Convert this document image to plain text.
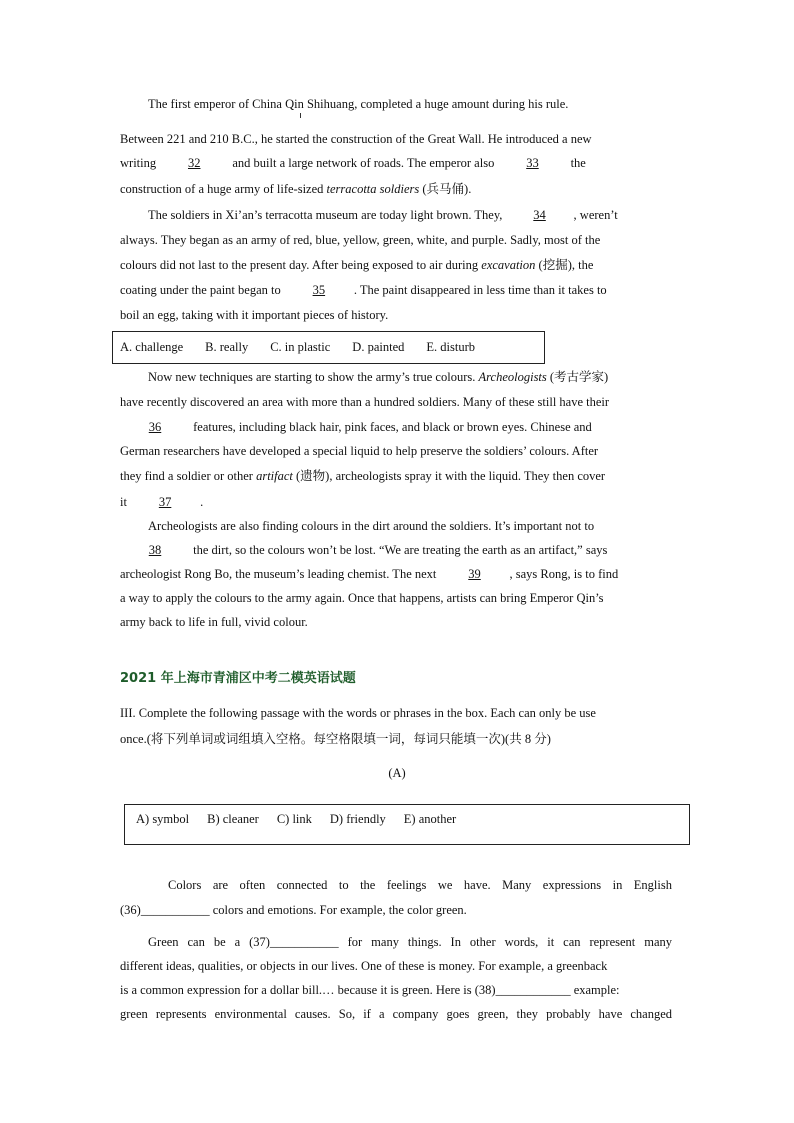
The first emperor of China Qin Shihuang, completed a huge amount during his rule.
Between 221 and 210 B.C., he started the construction of the Great Wall. He introduced a new
writing 32 and built a large network of roads. The emperor also 33 the
construction of a huge army of life-sized terracotta soldiers (兵马俑).
The soldiers in Xi’an’s terracotta museum are today light brown. They, 34 , weren’t
always. They began as an army of red, blue, yellow, green, white, and purple. Sadly, most of the
colours did not last to the present day. After being exposed to air during excavation (挖掘), the
coating under the paint began to 35 . The paint disappeared in less time than it takes to
boil an egg, taking with it important pieces of history.
A. challenge B. really C. in plastic D. painted E. disturb
Now new techniques are starting to show the army’s true colours. Archeologists (考古学家)
have recently discovered an area with more than a hundred soldiers. Many of these still have their
36 features, including black hair, pink faces, and black or brown eyes. Chinese and
German researchers have developed a special liquid to help preserve the soldiers’ colours. After
they find a soldier or other artifact (遗物), archeologists spray it with the liquid. They then cover
it 37 .
Archeologists are also finding colours in the dirt around the soldiers. It’s important not to
38 the dirt, so the colours won’t be lost. “We are treating the earth as an artifact,” says
archeologist Rong Bo, the museum’s leading chemist. The next 39 , says Rong, is to find
a way to apply the colours to the army again. Once that happens, artists can bring Emperor Qin’s
army back to life in full, vivid colour.
2021 年上海市青浦区中考二模英语试题
III. Complete the following passage with the words or phrases in the box. Each can only be use
once.(将下列单词或词组填入空格。每空格限填一词，每词只能填一次)(共 8 分)
(A)
A) symbol B) cleaner C) link D) friendly E) another
Colors are often connected to the feelings we have. Many expressions in English
(36)___________ colors and emotions. For example, the color green.
Green can be a (37)___________ for many things. In other words, it can represent many
different ideas, qualities, or objects in our lives. One of these is money. For example, a greenback
is a common expression for a dollar bill.… because it is green. Here is (38)____________ example:
green represents environmental causes. So, if a company goes green, they probably have changed
